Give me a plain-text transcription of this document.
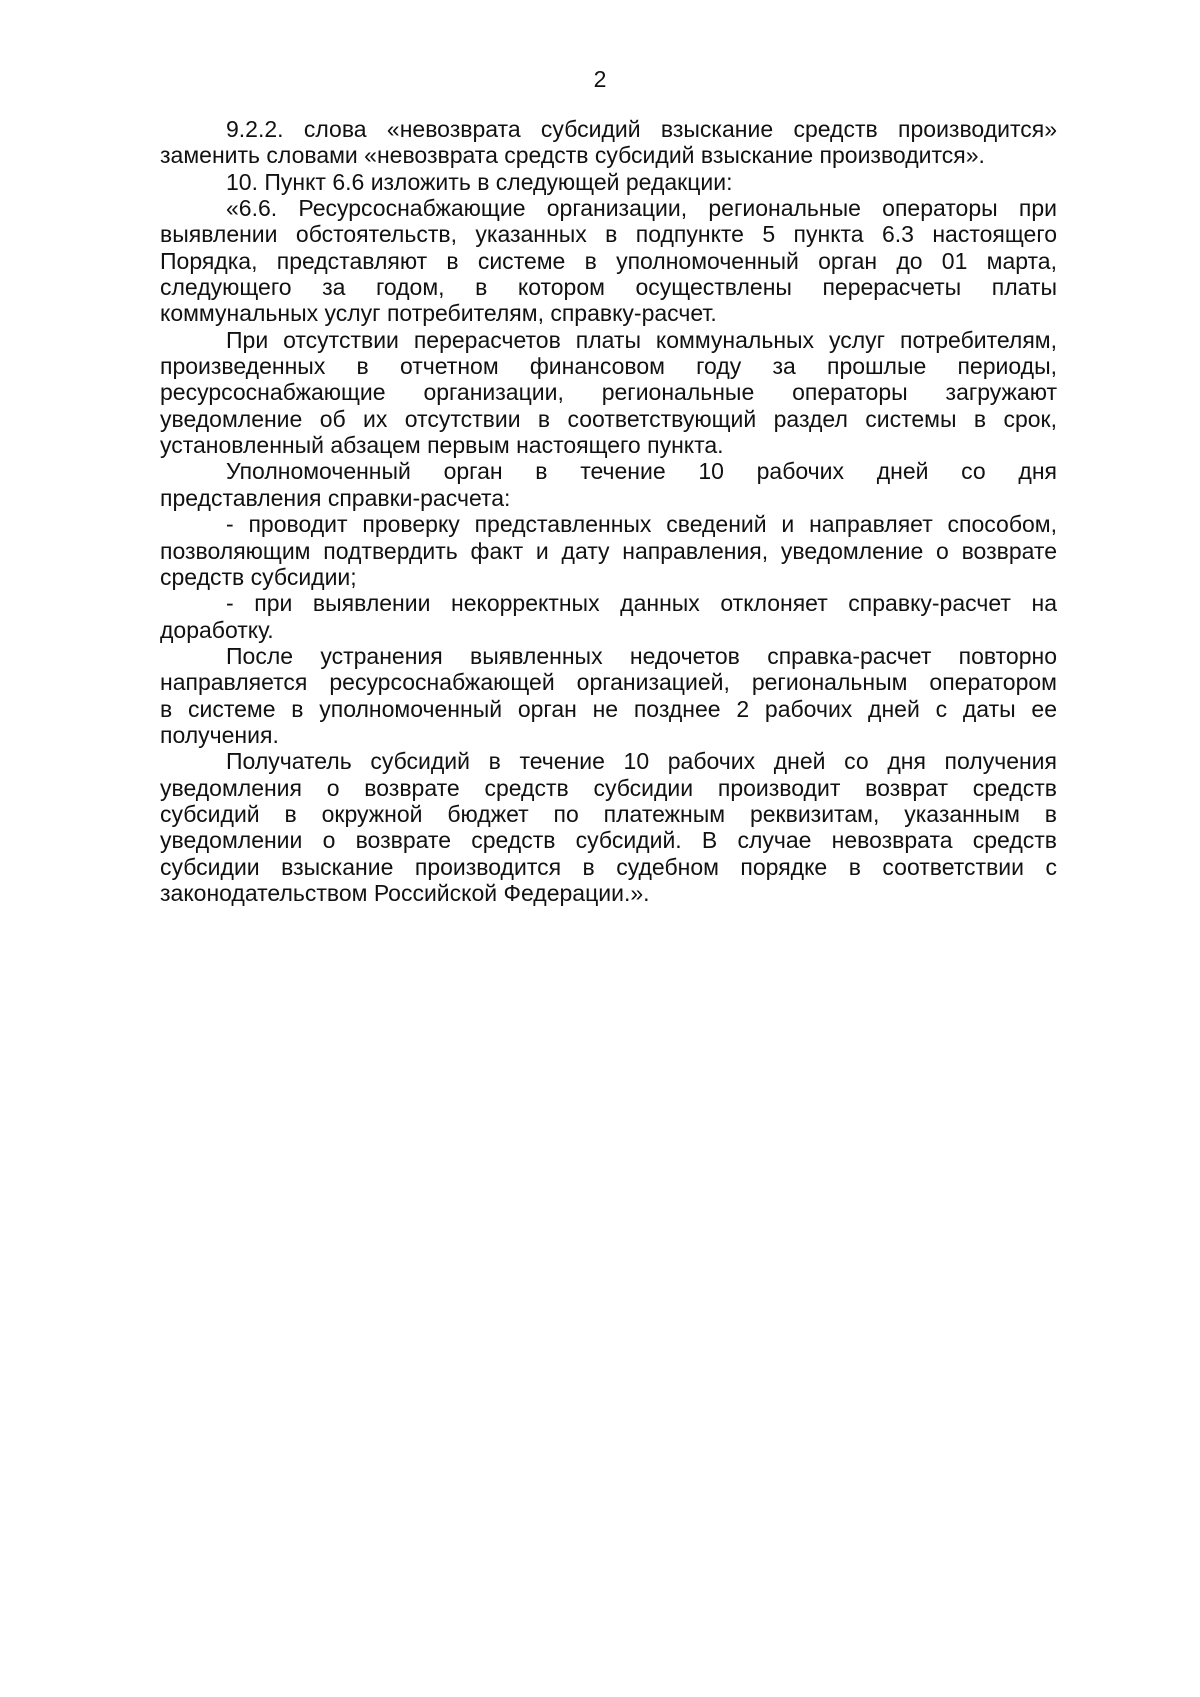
2
9.2.2. слова «невозврата субсидий взыскание средств производится»
заменить словами «невозврата средств субсидий взыскание производится».
10. Пункт 6.6 изложить в следующей редакции:
«6.6. Ресурсоснабжающие организации, региональные операторы при
выявлении обстоятельств, указанных в подпункте 5 пункта 6.3 настоящего
Порядка, представляют в системе в уполномоченный орган до 01 марта,
следующего за годом, в котором осуществлены перерасчеты платы
коммунальных услуг потребителям, справку-расчет.
При отсутствии перерасчетов платы коммунальных услуг потребителям,
произведенных в отчетном финансовом году за прошлые периоды,
ресурсоснабжающие организации, региональные операторы загружают
уведомление об их отсутствии в соответствующий раздел системы в срок,
установленный абзацем первым настоящего пункта.
Уполномоченный орган в течение 10 рабочих дней со дня
представления справки-расчета:
- проводит проверку представленных сведений и направляет способом,
позволяющим подтвердить факт и дату направления, уведомление о возврате
средств субсидии;
- при выявлении некорректных данных отклоняет справку-расчет на
доработку.
После устранения выявленных недочетов справка-расчет повторно
направляется ресурсоснабжающей организацией, региональным оператором
в системе в уполномоченный орган не позднее 2 рабочих дней с даты ее
получения.
Получатель субсидий в течение 10 рабочих дней со дня получения
уведомления о возврате средств субсидии производит возврат средств
субсидий в окружной бюджет по платежным реквизитам, указанным в
уведомлении о возврате средств субсидий. В случае невозврата средств
субсидии взыскание производится в судебном порядке в соответствии с
законодательством Российской Федерации.».
